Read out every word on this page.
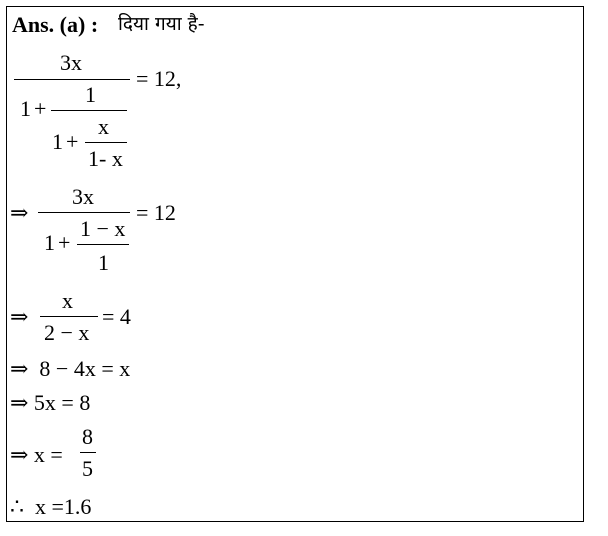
Ans. (a) : दिया गया है-
3x
= 12,
1 +
1
1 +
x
1- x
⇒
3x
= 12
1 +
1 − x
1
⇒
x
2 − x
= 4
⇒  8 − 4x = x
⇒ 5x = 8
⇒ x =
8
5
∴  x =1.6
